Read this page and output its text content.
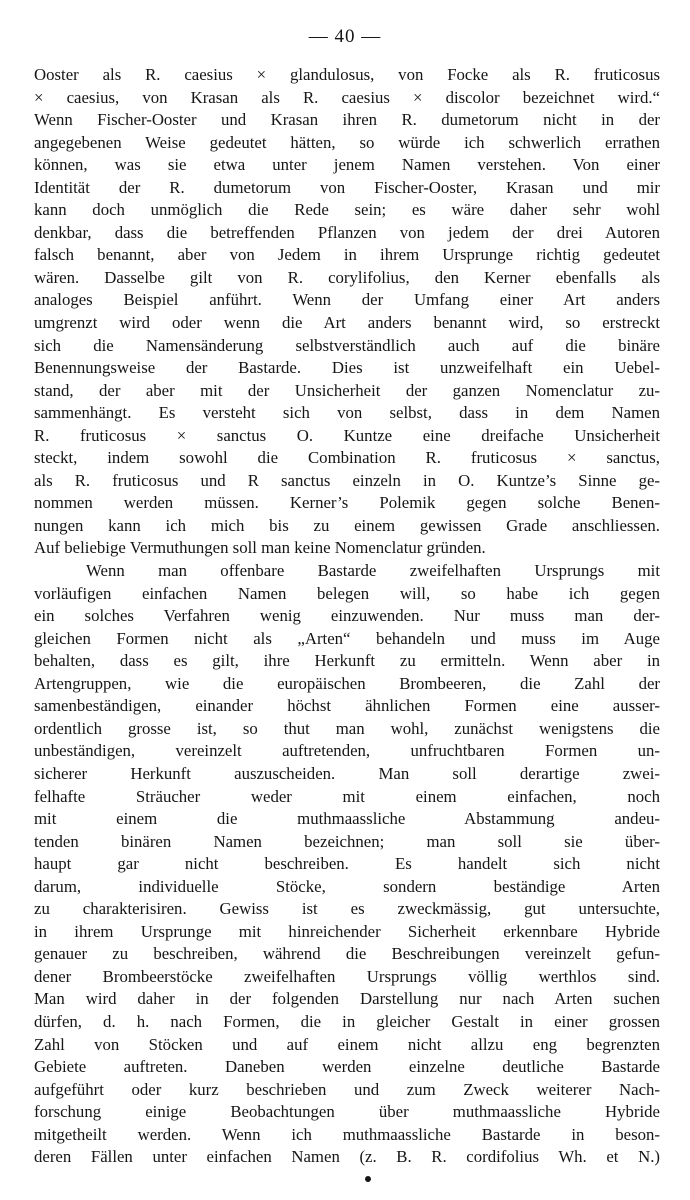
— 40 —
Ooster als R. caesius × glandulosus, von Focke als R. fruticosus
× caesius, von Krasan als R. caesius × discolor bezeichnet wird.“
Wenn Fischer-Ooster und Krasan ihren R. dumetorum nicht in der
angegebenen Weise gedeutet hätten, so würde ich schwerlich errathen
können, was sie etwa unter jenem Namen verstehen. Von einer
Identität der R. dumetorum von Fischer-Ooster, Krasan und mir
kann doch unmöglich die Rede sein; es wäre daher sehr wohl
denkbar, dass die betreffenden Pflanzen von jedem der drei Autoren
falsch benannt, aber von Jedem in ihrem Ursprunge richtig gedeutet
wären. Dasselbe gilt von R. corylifolius, den Kerner ebenfalls als
analoges Beispiel anführt. Wenn der Umfang einer Art anders
umgrenzt wird oder wenn die Art anders benannt wird, so erstreckt
sich die Namensänderung selbstverständlich auch auf die binäre
Benennungsweise der Bastarde. Dies ist unzweifelhaft ein Uebel-
stand, der aber mit der Unsicherheit der ganzen Nomenclatur zu-
sammenhängt. Es versteht sich von selbst, dass in dem Namen
R. fruticosus × sanctus O. Kuntze eine dreifache Unsicherheit
steckt, indem sowohl die Combination R. fruticosus × sanctus,
als R. fruticosus und R sanctus einzeln in O. Kuntze’s Sinne ge-
nommen werden müssen. Kerner’s Polemik gegen solche Benen-
nungen kann ich mich bis zu einem gewissen Grade anschliessen.
Auf beliebige Vermuthungen soll man keine Nomenclatur gründen.
Wenn man offenbare Bastarde zweifelhaften Ursprungs mit
vorläufigen einfachen Namen belegen will, so habe ich gegen
ein solches Verfahren wenig einzuwenden. Nur muss man der-
gleichen Formen nicht als „Arten“ behandeln und muss im Auge
behalten, dass es gilt, ihre Herkunft zu ermitteln. Wenn aber in
Artengruppen, wie die europäischen Brombeeren, die Zahl der
samenbeständigen, einander höchst ähnlichen Formen eine ausser-
ordentlich grosse ist, so thut man wohl, zunächst wenigstens die
unbeständigen, vereinzelt auftretenden, unfruchtbaren Formen un-
sicherer Herkunft auszuscheiden. Man soll derartige zwei-
felhafte Sträucher weder mit einem einfachen, noch
mit einem die muthmaassliche Abstammung andeu-
tenden binären Namen bezeichnen; man soll sie über-
haupt gar nicht beschreiben. Es handelt sich nicht
darum, individuelle Stöcke, sondern beständige Arten
zu charakterisiren. Gewiss ist es zweckmässig, gut untersuchte,
in ihrem Ursprunge mit hinreichender Sicherheit erkennbare Hybride
genauer zu beschreiben, während die Beschreibungen vereinzelt gefun-
dener Brombeerstöcke zweifelhaften Ursprungs völlig werthlos sind.
Man wird daher in der folgenden Darstellung nur nach Arten suchen
dürfen, d. h. nach Formen, die in gleicher Gestalt in einer grossen
Zahl von Stöcken und auf einem nicht allzu eng begrenzten
Gebiete auftreten. Daneben werden einzelne deutliche Bastarde
aufgeführt oder kurz beschrieben und zum Zweck weiterer Nach-
forschung einige Beobachtungen über muthmaassliche Hybride
mitgetheilt werden. Wenn ich muthmaassliche Bastarde in beson-
deren Fällen unter einfachen Namen (z. B. R. cordifolius Wh. et N.)
